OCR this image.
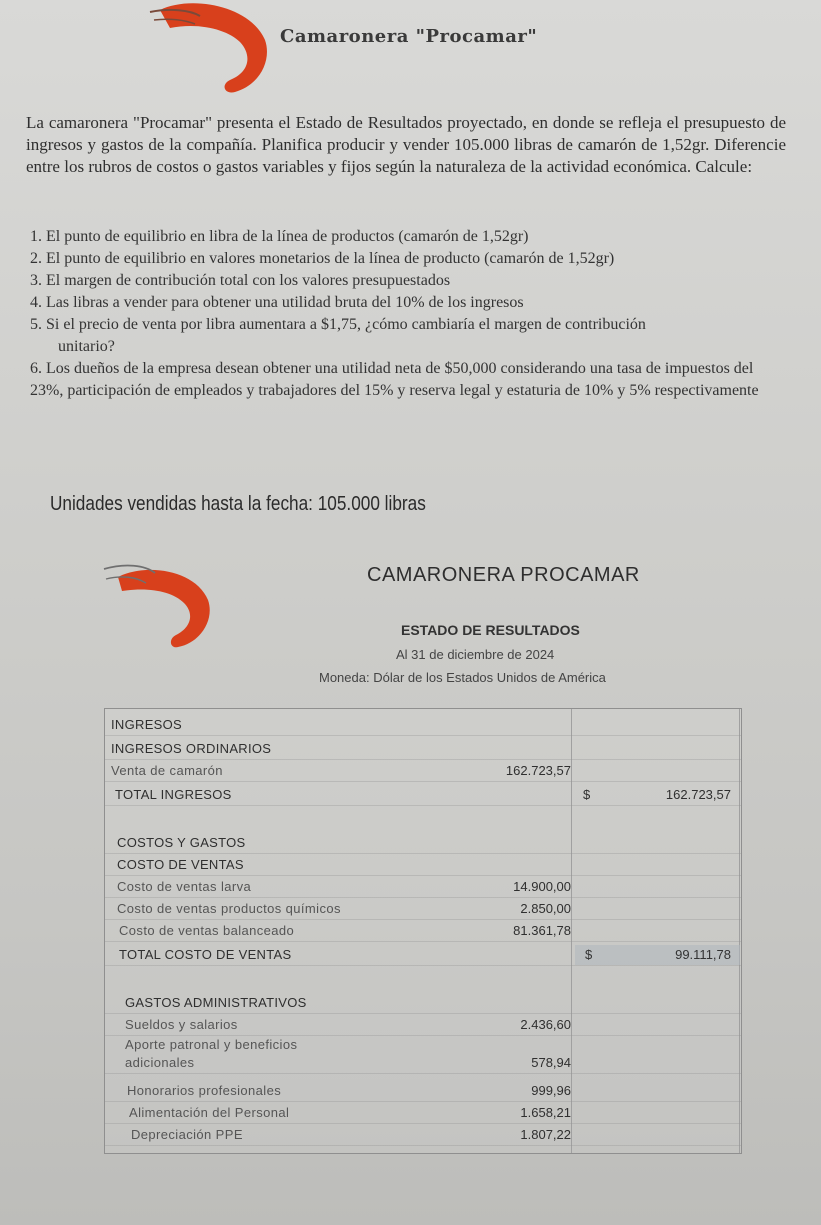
Camaronera "Procamar"
La camaronera "Procamar" presenta el Estado de Resultados proyectado, en donde se refleja el presupuesto de ingresos y gastos de la compañía. Planifica producir y vender 105.000 libras de camarón de 1,52gr. Diferencie entre los rubros de costos o gastos variables y fijos según la naturaleza de la actividad económica. Calcule:
1. El punto de equilibrio en libra de la línea de productos (camarón de 1,52gr)
2. El punto de equilibrio en valores monetarios de la línea de producto (camarón de 1,52gr)
3. El margen de contribución total con los valores presupuestados
4. Las libras a vender para obtener una utilidad bruta del 10% de los ingresos
5. Si el precio de venta por libra aumentara a $1,75, ¿cómo cambiaría el margen de contribución
unitario?
6. Los dueños de la empresa desean obtener una utilidad neta de $50,000 considerando una tasa de impuestos del 23%, participación de empleados y trabajadores del 15% y reserva legal y estaturia de 10% y 5% respectivamente
Unidades vendidas hasta la fecha: 105.000 libras
CAMARONERA PROCAMAR
ESTADO DE RESULTADOS
Al 31 de diciembre de 2024
Moneda: Dólar de los Estados Unidos de América
INGRESOS
INGRESOS ORDINARIOS
Venta de camarón	162.723,57
TOTAL INGRESOS	$	162.723,57
COSTOS Y GASTOS
COSTO DE VENTAS
Costo de ventas larva	14.900,00
Costo de ventas productos químicos	2.850,00
Costo de ventas balanceado	81.361,78
TOTAL COSTO DE VENTAS	$	99.111,78
GASTOS ADMINISTRATIVOS
Sueldos y salarios	2.436,60
Aporte patronal y beneficios
adicionales	578,94
Honorarios profesionales	999,96
Alimentación del Personal	1.658,21
Depreciación PPE	1.807,22
